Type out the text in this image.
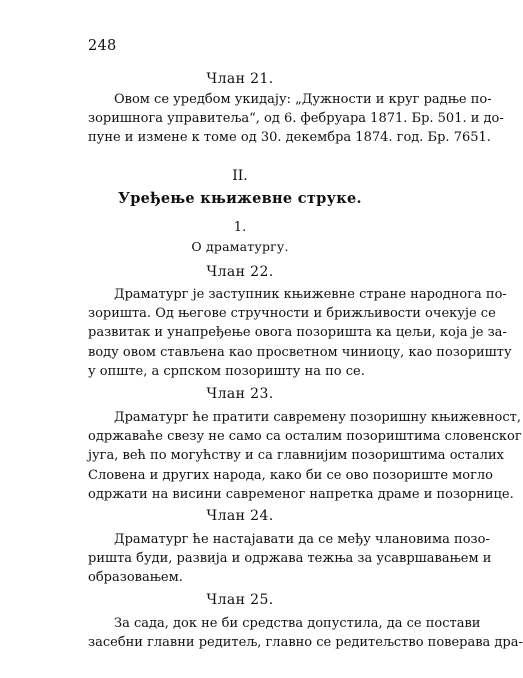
248
Члан 21.
Овом се уредбом укидају: „Дужности и круг радње по-
зоришнога управитеља“, од 6. фебруара 1871. Бр. 501. и до-
пуне и измене к томе од 30. декембра 1874. год. Бр. 7651.
II.
Уређење књижевне струке.
1.
О драматургу.
Члан 22.
Драматург је заступник књижевне стране народнога по-
зоришта. Од његове стручности и брижљивости очекује се
развитак и унапређење овога позоришта ка цељи, која је за-
воду овом стављена као просветном чиниоцу, као позоришту
у опште, а српском позоришту на по се.
Члан 23.
Драматург ће пратити савремену позоришну књижевност,
одржаваће свезу не само са осталим позориштима словенског
југа, већ по могућству и са главнијим позориштима осталих
Словена и других народа, како би се ово позориште могло
одржати на висини савременог напретка драме и позорнице.
Члан 24.
Драматург ће настајавати да се међу члановима позо-
ришта буди, развија и одржава тежња за усавршавањем и
образовањем.
Члан 25.
За сада, док не би средства допустила, да се постави
засебни главни редитељ, главно се редитељство поверава дра-
